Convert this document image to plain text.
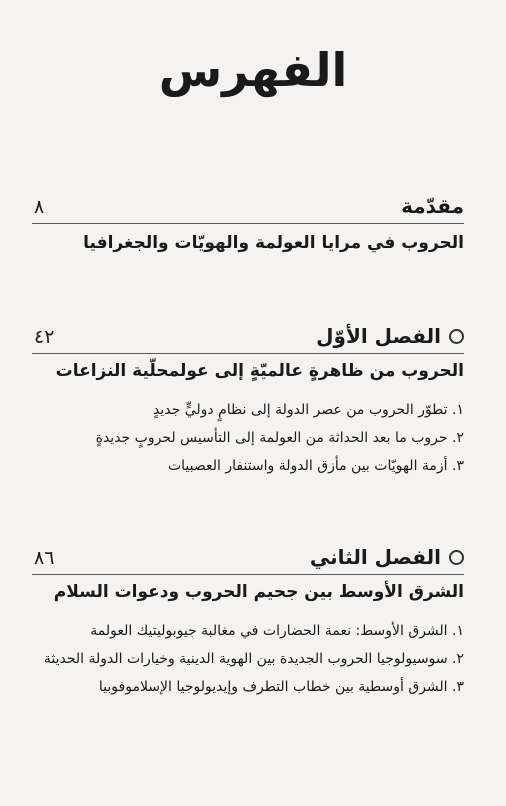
الفهرس
مقدّمة
٨
الحروب في مرايا العولمة والهويّات والجغرافيا
الفصل الأوّل
٤٢
الحروب من ظاهرةٍ عالميّةٍ إلى عولمحلّية النزاعات
١. تطوّر الحروب من عصر الدولة إلى نظامٍ دوليٍّ جديدٍ
٢. حروب ما بعد الحداثة من العولمة إلى التأسيس لحروبٍ جديدةٍ
٣. أزمة الهويّات بين مأزق الدولة واستنفار العصبيات
الفصل الثاني
٨٦
الشرق الأوسط بين جحيم الحروب ودعوات السلام
١. الشرق الأوسط: نعمة الحضارات في مغالبة جيوبوليتيك العولمة
٢. سوسيولوجيا الحروب الجديدة بين الهوية الدينية وخيارات الدولة الحديثة
٣. الشرق أوسطية بين خطاب التطرف وإيديولوجيا الإسلاموفوبيا
